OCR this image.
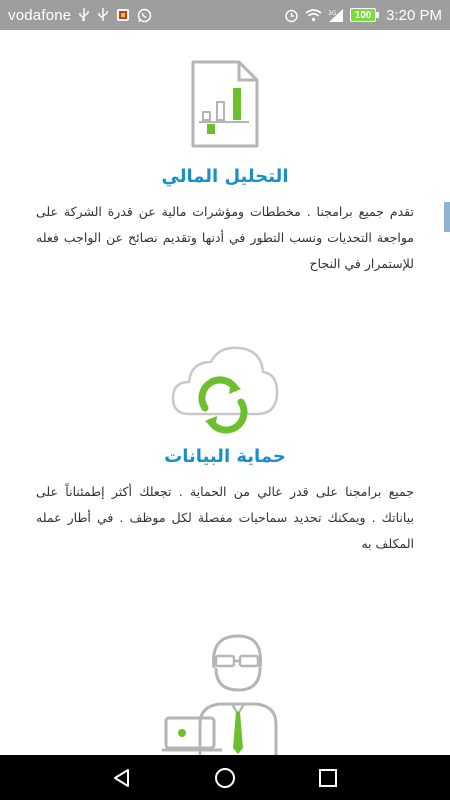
vodafone	3G	100 3:20 PM
التحليل المالي
تقدم جميع برامجنا . مخططات ومؤشرات مالية عن قدرة الشركة على مواجعة التحديات ونسب التطور في أدنها وتقديم نصائح عن الواجب فعله للإستمرار في النجاح
حماية البيانات
جميع برامجنا على قدر عالي من الحماية . تجعلك أكثر إطمئناناً على بياناتك . ويمكنك تحديد سماحيات مفصلة لكل موظف . في أطار عمله المكلف به
